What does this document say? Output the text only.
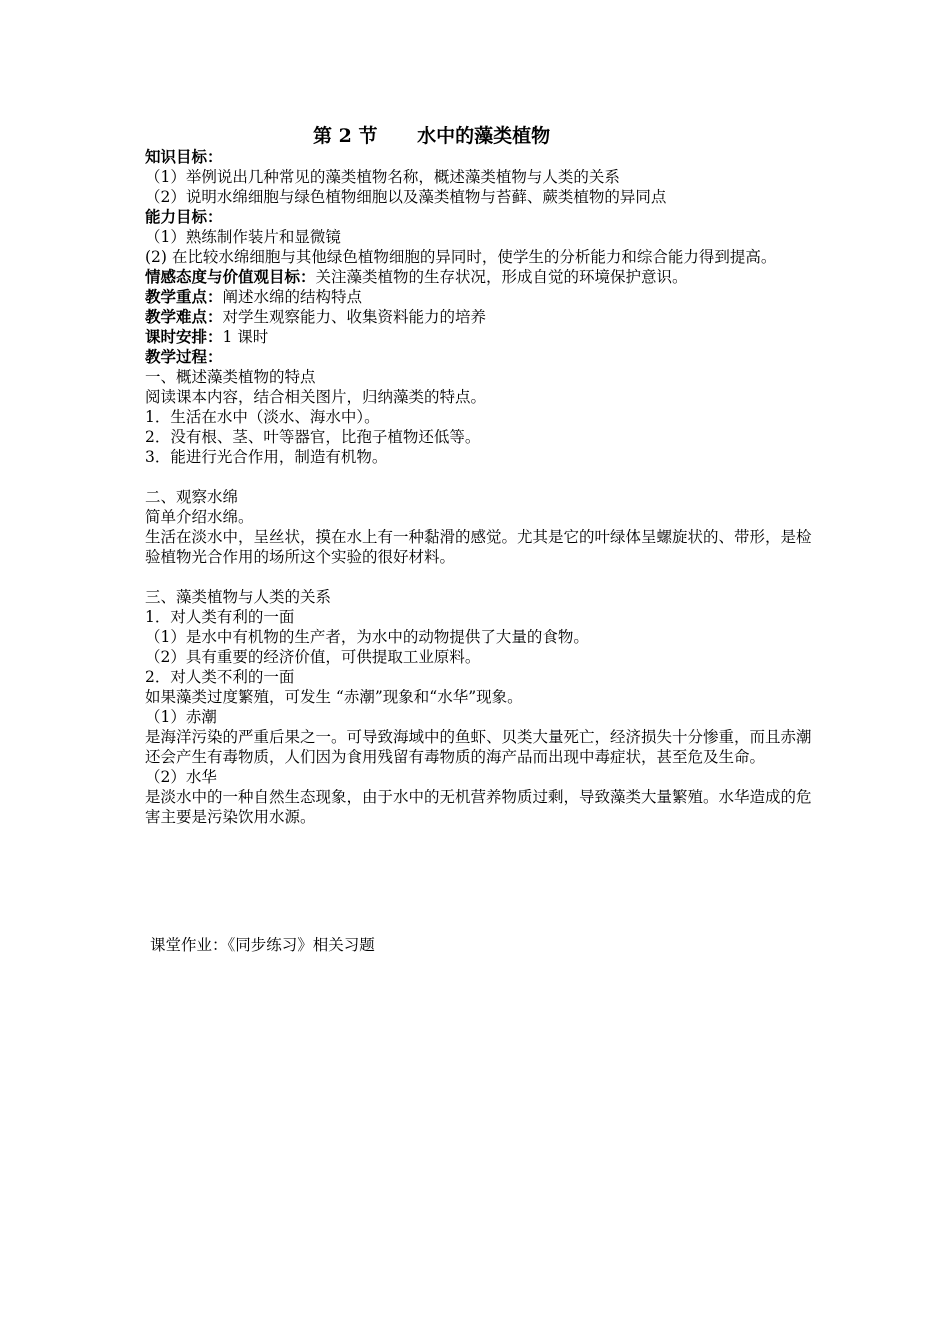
第 2 节      水中的藻类植物

知识目标：

（1）举例说出几种常见的藻类植物名称，概述藻类植物与人类的关系

（2）说明水绵细胞与绿色植物细胞以及藻类植物与苔藓、蕨类植物的异同点

能力目标：

（1）熟练制作装片和显微镜

(2) 在比较水绵细胞与其他绿色植物细胞的异同时，使学生的分析能力和综合能力得到提高。

情感态度与价值观目标：关注藻类植物的生存状况，形成自觉的环境保护意识。

教学重点：阐述水绵的结构特点

教学难点：对学生观察能力、收集资料能力的培养

课时安排：1 课时

教学过程：

一、概述藻类植物的特点

阅读课本内容，结合相关图片，归纳藻类的特点。

1．生活在水中（淡水、海水中）。

2．没有根、茎、叶等器官，比孢子植物还低等。

3．能进行光合作用，制造有机物。

二、观察水绵

简单介绍水绵。

生活在淡水中，呈丝状，摸在水上有一种黏滑的感觉。尤其是它的叶绿体呈螺旋状的、带形，是检验植物光合作用的场所这个实验的很好材料。

三、藻类植物与人类的关系

1．对人类有利的一面

（1）是水中有机物的生产者，为水中的动物提供了大量的食物。

（2）具有重要的经济价值，可供提取工业原料。

2．对人类不利的一面

如果藻类过度繁殖，可发生 “赤潮”现象和“水华”现象。

（1）赤潮

是海洋污染的严重后果之一。可导致海域中的鱼虾、贝类大量死亡，经济损失十分惨重，而且赤潮还会产生有毒物质，人们因为食用残留有毒物质的海产品而出现中毒症状，甚至危及生命。

（2）水华

是淡水中的一种自然生态现象，由于水中的无机营养物质过剩，导致藻类大量繁殖。水华造成的危害主要是污染饮用水源。

课堂作业：《同步练习》相关习题
